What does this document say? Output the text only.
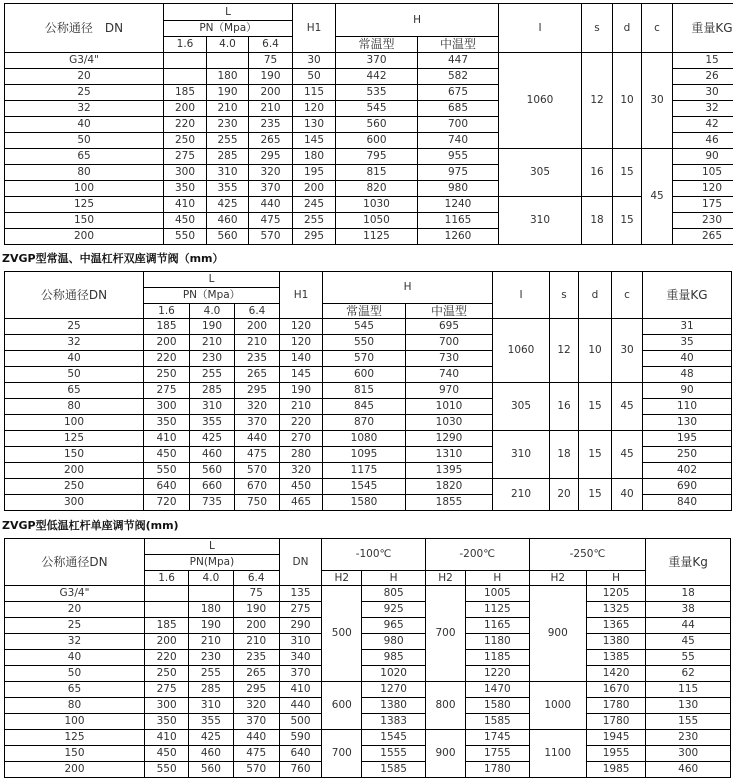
公称通径　DN	L			H1	H		I	s	d	c	重量KG
	PN（Mpa）										
	1.6	4.0	6.4		常温型	中温型					
G3/4"			75	30	370	447	1060	12	10	30	15
20		180	190	50	442	582					26
25	185	190	200	115	535	675					30
32	200	210	210	120	545	685					32
40	220	230	235	130	560	700					42
50	250	255	265	145	600	740					46
65	275	285	295	180	795	955	305	16	15	45	90
80	300	310	320	195	815	975					105
100	350	355	370	200	820	980					120
125	410	425	440	245	1030	1240	310	18	15		175
150	450	460	475	255	1050	1165					230
200	550	560	570	295	1125	1260					265
ZVGP型常温、中温杠杆双座调节阀（mm）
公称通径DN	L			H1	H		I	s	d	c	重量KG
	PN（Mpa）										
	1.6	4.0	6.4		常温型	中温型					
25	185	190	200	120	545	695	1060	12	10	30	31
32	200	210	210	120	550	700					35
40	220	230	235	140	570	730					40
50	250	255	265	145	600	740					48
65	275	285	295	190	815	970	305	16	15	45	90
80	300	310	320	210	845	1010					110
100	350	355	370	220	870	1030					130
125	410	425	440	270	1080	1290	310	18	15	45	195
150	450	460	475	280	1095	1310					250
200	550	560	570	320	1175	1395					402
250	640	660	670	450	1545	1820	210	20	15	40	690
300	720	735	750	465	1580	1855					840
ZVGP型低温杠杆单座调节阀(mm)
公称通径DN	L			DN	-100℃		-200℃		-250℃		重量Kg
	PN(Mpa)										
	1.6	4.0	6.4		H2	H	H2	H	H2	H	
G3/4"			75	135	500	805	700	1005	900	1205	18
20		180	190	275		925		1125		1325	38
25	185	190	200	290		965		1165		1365	44
32	200	210	210	310		980		1180		1380	45
40	220	230	235	340		985		1185		1385	55
50	250	255	265	370		1020		1220		1420	62
65	275	285	295	410	600	1270	800	1470	1000	1670	115
80	300	310	320	440		1380		1580		1780	130
100	350	355	370	500		1383		1585		1780	155
125	410	425	440	590	700	1545	900	1745	1100	1945	230
150	450	460	475	640		1555		1755		1955	300
200	550	560	570	760		1585		1780		1985	460
